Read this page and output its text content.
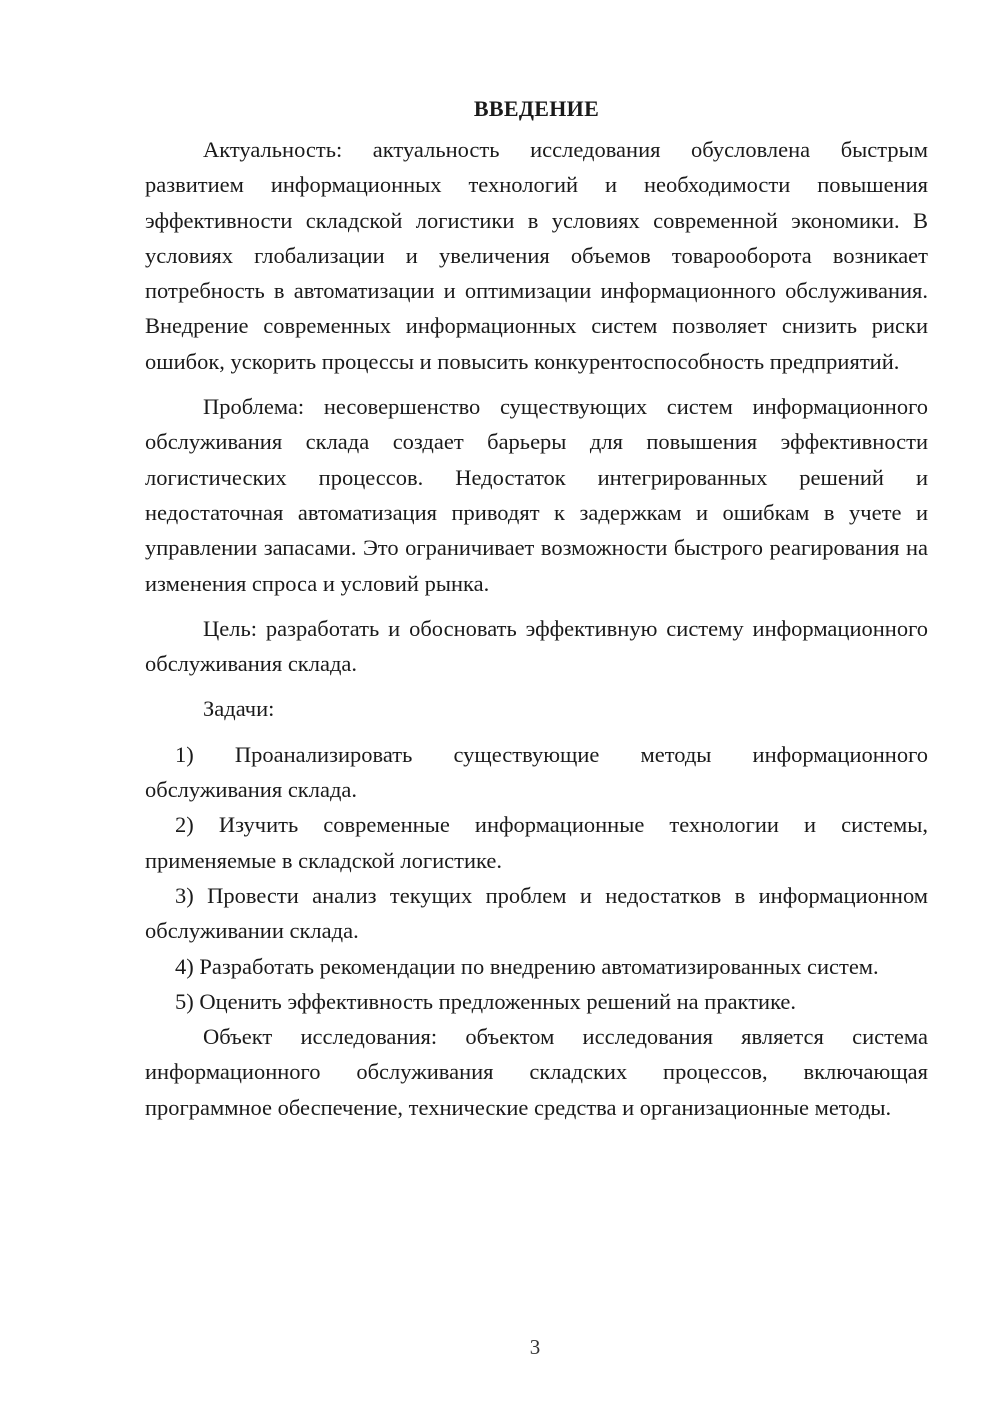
ВВЕДЕНИЕ

Актуальность: актуальность исследования обусловлена быстрым развитием информационных технологий и необходимости повышения эффективности складской логистики в условиях современной экономики. В условиях глобализации и увеличения объемов товарооборота возникает потребность в автоматизации и оптимизации информационного обслуживания. Внедрение современных информационных систем позволяет снизить риски ошибок, ускорить процессы и повысить конкурентоспособность предприятий.

Проблема: несовершенство существующих систем информационного обслуживания склада создает барьеры для повышения эффективности логистических процессов. Недостаток интегрированных решений и недостаточная автоматизация приводят к задержкам и ошибкам в учете и управлении запасами. Это ограничивает возможности быстрого реагирования на изменения спроса и условий рынка.

Цель: разработать и обосновать эффективную систему информационного обслуживания склада.

Задачи:

1) Проанализировать существующие методы информационного обслуживания склада.

2) Изучить современные информационные технологии и системы, применяемые в складской логистике.

3) Провести анализ текущих проблем и недостатков в информационном обслуживании склада.

4) Разработать рекомендации по внедрению автоматизированных систем.

5) Оценить эффективность предложенных решений на практике.

Объект исследования: объектом исследования является система информационного обслуживания складских процессов, включающая программное обеспечение, технические средства и организационные методы.

3
